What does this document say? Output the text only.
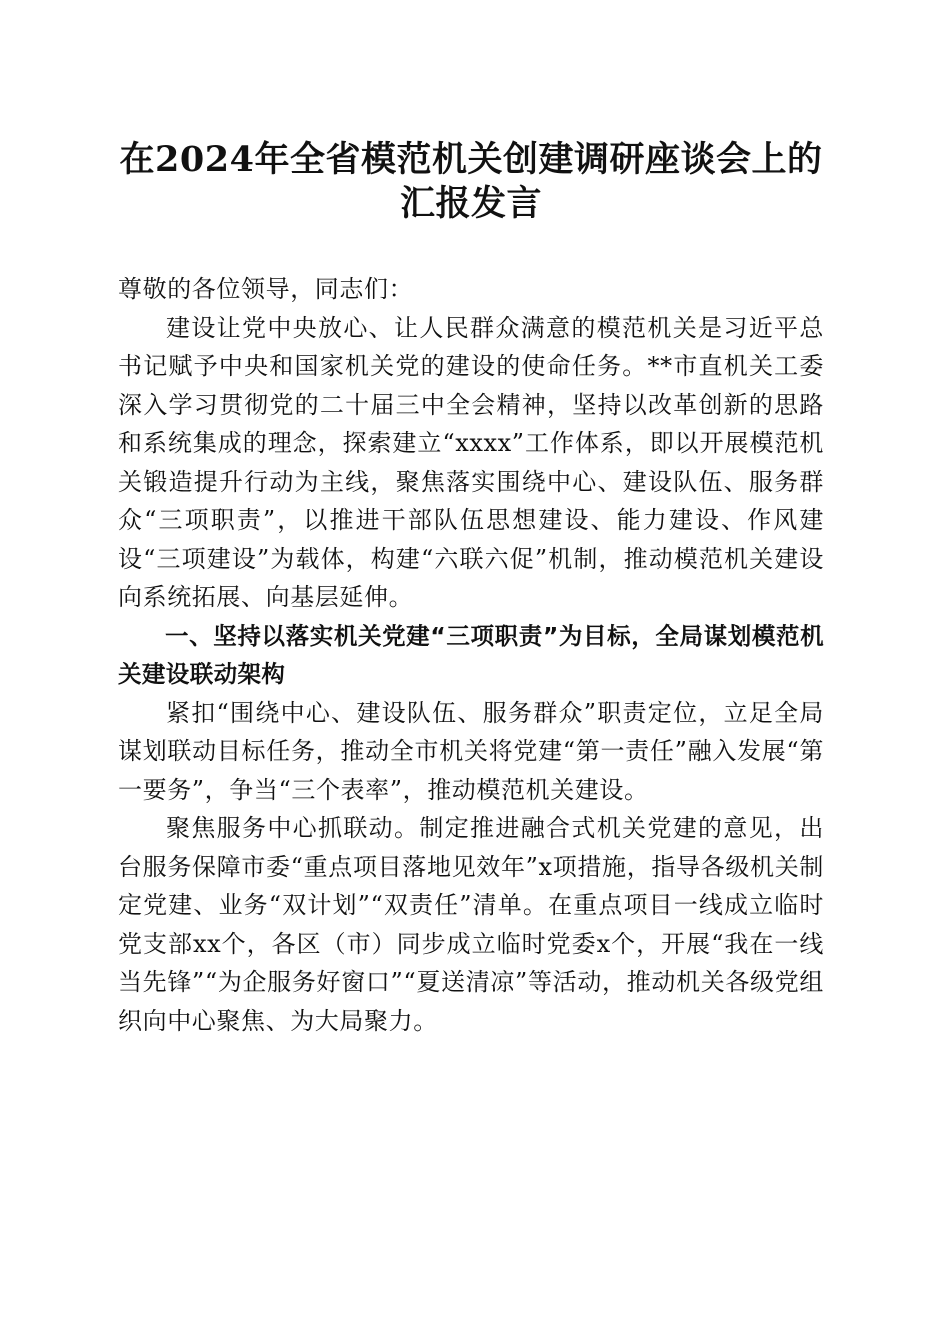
在2024年全省模范机关创建调研座谈会上的
汇报发言

尊敬的各位领导，同志们：

建设让党中央放心、让人民群众满意的模范机关是习近平总书记赋予中央和国家机关党的建设的使命任务。**市直机关工委深入学习贯彻党的二十届三中全会精神，坚持以改革创新的思路和系统集成的理念，探索建立“xxxx”工作体系，即以开展模范机关锻造提升行动为主线，聚焦落实围绕中心、建设队伍、服务群众“三项职责”，以推进干部队伍思想建设、能力建设、作风建设“三项建设”为载体，构建“六联六促”机制，推动模范机关建设向系统拓展、向基层延伸。

一、坚持以落实机关党建“三项职责”为目标，全局谋划模范机关建设联动架构

紧扣“围绕中心、建设队伍、服务群众”职责定位，立足全局谋划联动目标任务，推动全市机关将党建“第一责任”融入发展“第一要务”，争当“三个表率”，推动模范机关建设。

聚焦服务中心抓联动。制定推进融合式机关党建的意见，出台服务保障市委“重点项目落地见效年”x项措施，指导各级机关制定党建、业务“双计划”“双责任”清单。在重点项目一线成立临时党支部xx个，各区（市）同步成立临时党委x个，开展“我在一线当先锋”“为企服务好窗口”“夏送清凉”等活动，推动机关各级党组织向中心聚焦、为大局聚力。
